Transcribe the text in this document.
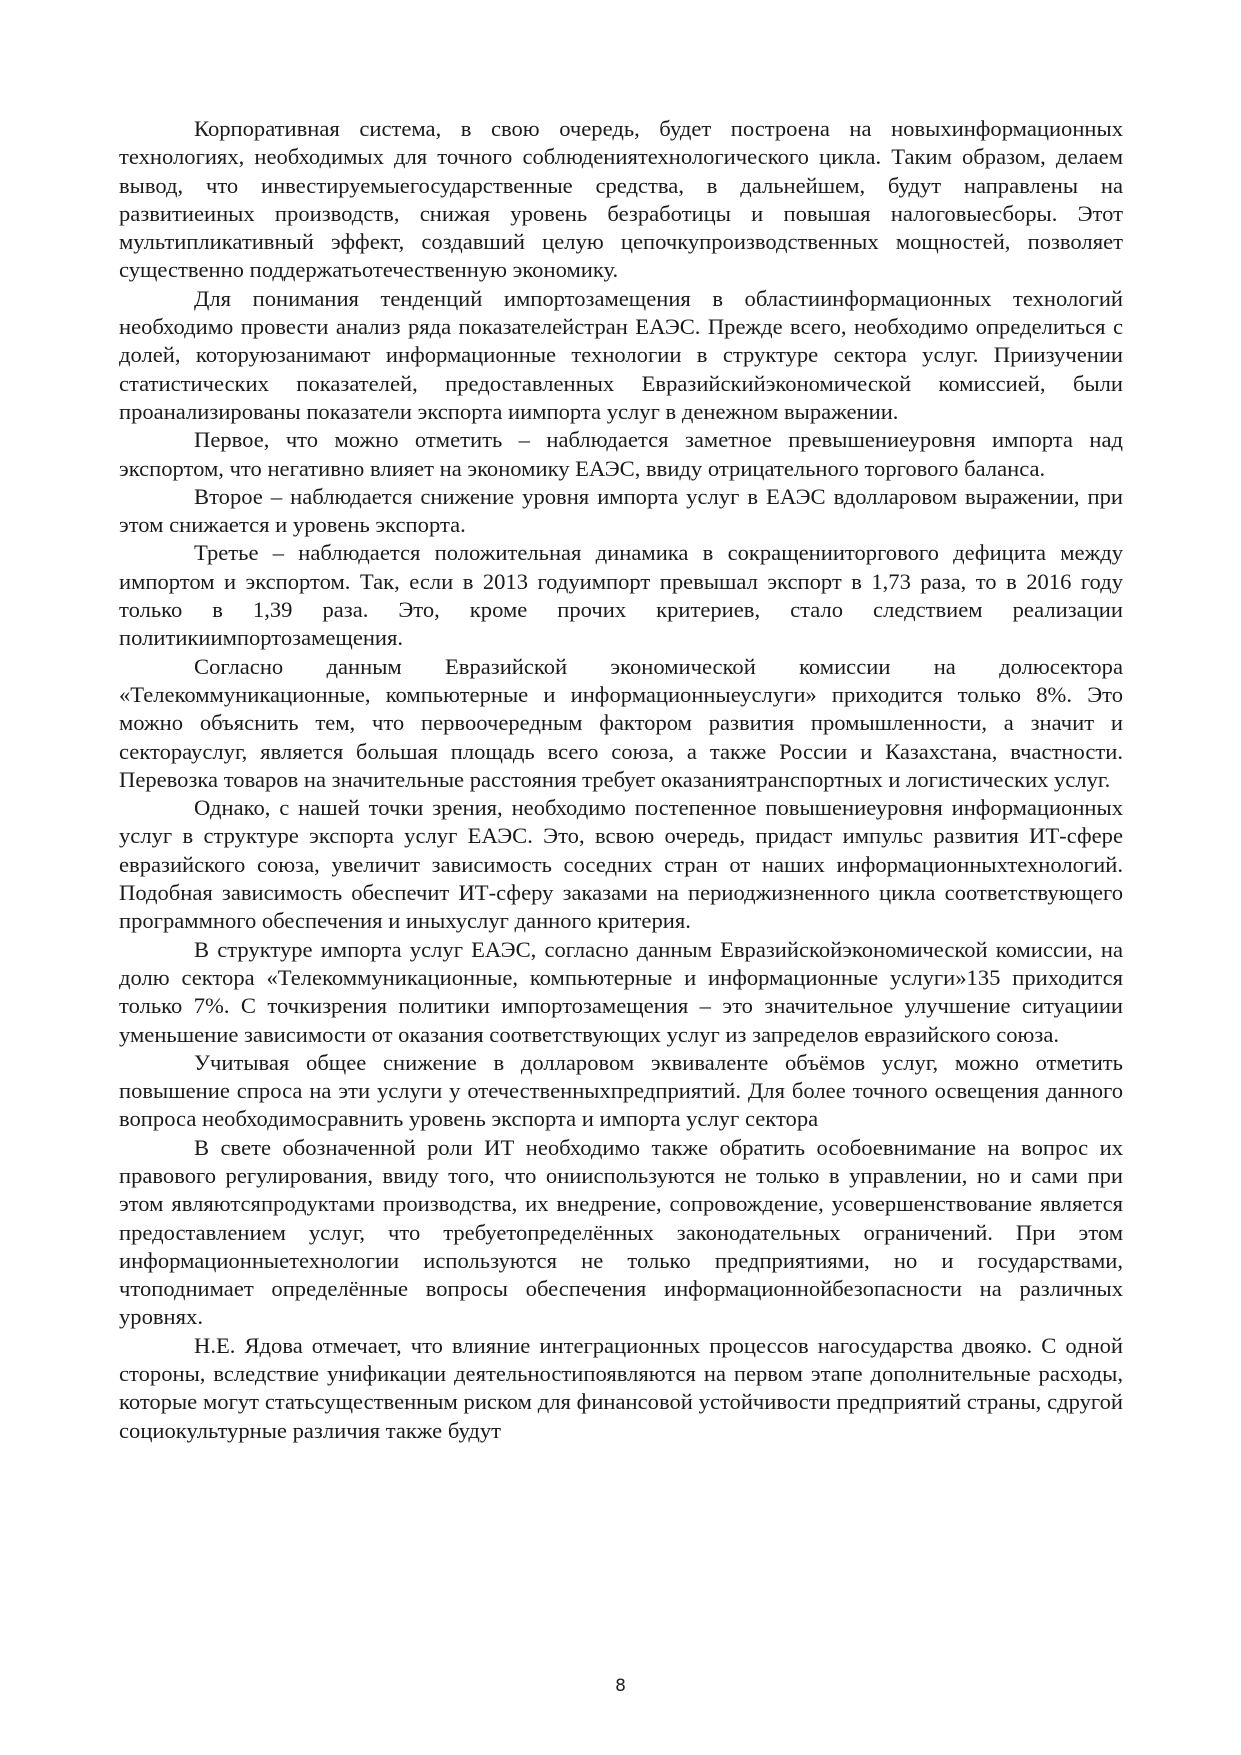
Корпоративная система, в свою очередь, будет построена на новыхинформационных технологиях, необходимых для точного соблюдениятехнологического цикла. Таким образом, делаем вывод, что инвестируемыегосударственные средства, в дальнейшем, будут направлены на развитиеиных производств, снижая уровень безработицы и повышая налоговыесборы. Этот мультипликативный эффект, создавший целую цепочкупроизводственных мощностей, позволяет существенно поддержатьотечественную экономику.

Для понимания тенденций импортозамещения в областиинформационных технологий необходимо провести анализ ряда показателейстран ЕАЭС. Прежде всего, необходимо определиться с долей, которуюзанимают информационные технологии в структуре сектора услуг. Приизучении статистических показателей, предоставленных Евразийскийэкономической комиссией, были проанализированы показатели экспорта иимпорта услуг в денежном выражении.

Первое, что можно отметить – наблюдается заметное превышениеуровня импорта над экспортом, что негативно влияет на экономику ЕАЭС, ввиду отрицательного торгового баланса.

Второе – наблюдается снижение уровня импорта услуг в ЕАЭС вдолларовом выражении, при этом снижается и уровень экспорта.

Третье – наблюдается положительная динамика в сокращенииторгового дефицита между импортом и экспортом. Так, если в 2013 годуимпорт превышал экспорт в 1,73 раза, то в 2016 году только в 1,39 раза. Это, кроме прочих критериев, стало следствием реализации политикиимпортозамещения.

Согласно данным Евразийской экономической комиссии на долюсектора «Телекоммуникационные, компьютерные и информационныеуслуги» приходится только 8%. Это можно объяснить тем, что первоочередным фактором развития промышленности, а значит и секторауслуг, является большая площадь всего союза, а также России и Казахстана, вчастности. Перевозка товаров на значительные расстояния требует оказаниятранспортных и логистических услуг.

Однако, с нашей точки зрения, необходимо постепенное повышениеуровня информационных услуг в структуре экспорта услуг ЕАЭС. Это, всвою очередь, придаст импульс развития ИТ-сфере евразийского союза, увеличит зависимость соседних стран от наших информационныхтехнологий. Подобная зависимость обеспечит ИТ-сферу заказами на периоджизненного цикла соответствующего программного обеспечения и иныхуслуг данного критерия.

В структуре импорта услуг ЕАЭС, согласно данным Евразийскойэкономической комиссии, на долю сектора «Телекоммуникационные, компьютерные и информационные услуги»135 приходится только 7%. С точкизрения политики импортозамещения – это значительное улучшение ситуациии уменьшение зависимости от оказания соответствующих услуг из запределов евразийского союза.

Учитывая общее снижение в долларовом эквиваленте объёмов услуг, можно отметить повышение спроса на эти услуги у отечественныхпредприятий. Для более точного освещения данного вопроса необходимосравнить уровень экспорта и импорта услуг сектора

В свете обозначенной роли ИТ необходимо также обратить особоевнимание на вопрос их правового регулирования, ввиду того, что онииспользуются не только в управлении, но и сами при этом являютсяпродуктами производства, их внедрение, сопровождение, усовершенствование является предоставлением услуг, что требуетопределённых законодательных ограничений. При этом информационныетехнологии используются не только предприятиями, но и государствами, чтоподнимает определённые вопросы обеспечения информационнойбезопасности на различных уровнях.

Н.Е. Ядова отмечает, что влияние интеграционных процессов нагосударства двояко. С одной стороны, вследствие унификации деятельностипоявляются на первом этапе дополнительные расходы, которые могут статьсущественным риском для финансовой устойчивости предприятий страны, сдругой социокультурные различия также будут

8
